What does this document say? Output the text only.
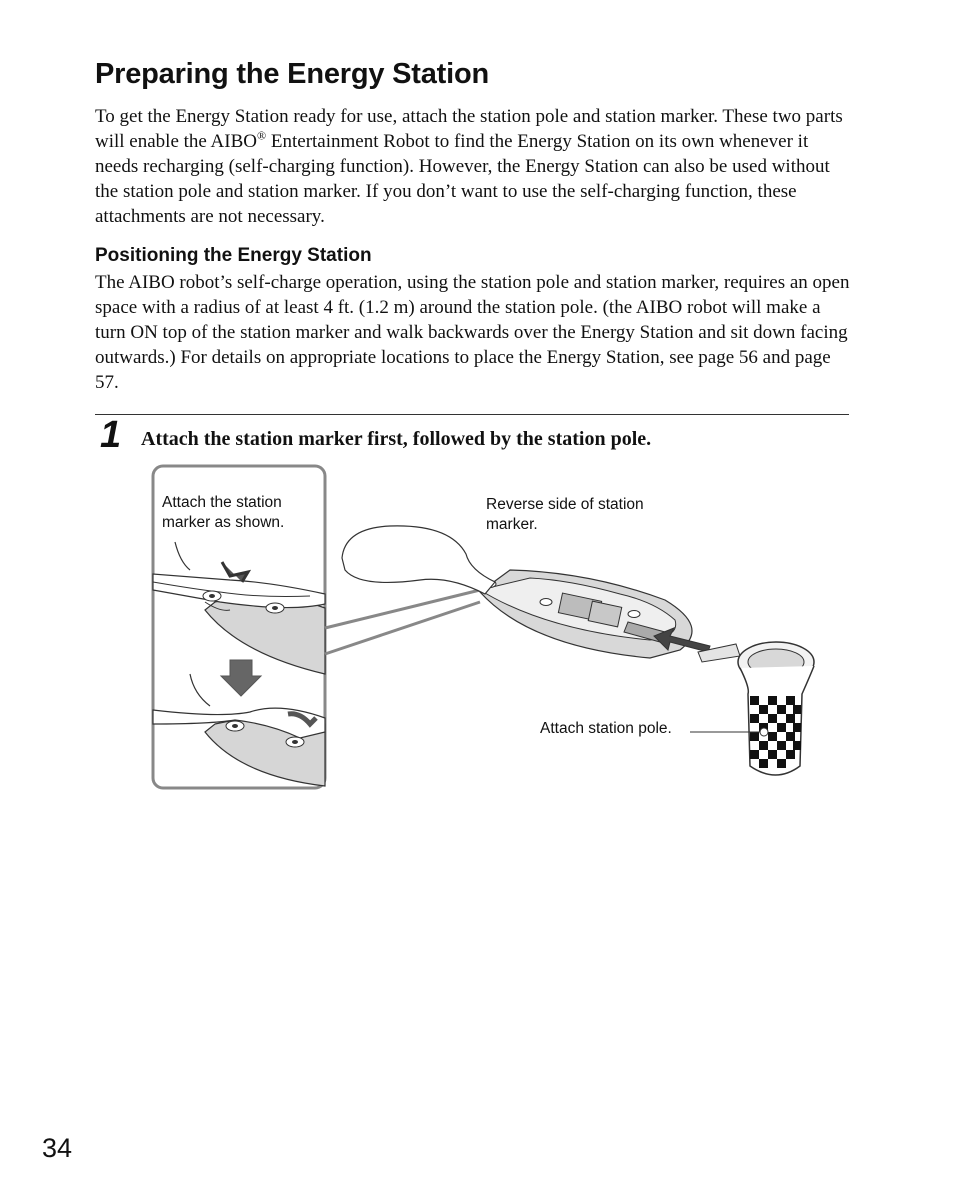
Preparing the Energy Station

To get the Energy Station ready for use, attach the station pole and station marker. These two parts will enable the AIBO® Entertainment Robot to find the Energy Station on its own whenever it needs recharging (self-charging function). However, the Energy Station can also be used without the station pole and station marker. If you don’t want to use the self-charging function, these attachments are not necessary.

Positioning the Energy Station

The AIBO robot’s self-charge operation, using the station pole and station marker, requires an open space with a radius of at least 4 ft. (1.2 m) around the station pole. (the AIBO robot will make a turn ON top of the station marker and walk backwards over the Energy Station and sit down facing outwards.) For details on appropriate locations to place the Energy Station, see page 56 and page 57.

1 Attach the station marker first, followed by the station pole.
Attach the station marker as shown.
Reverse side of station marker.
Attach station pole.
34
